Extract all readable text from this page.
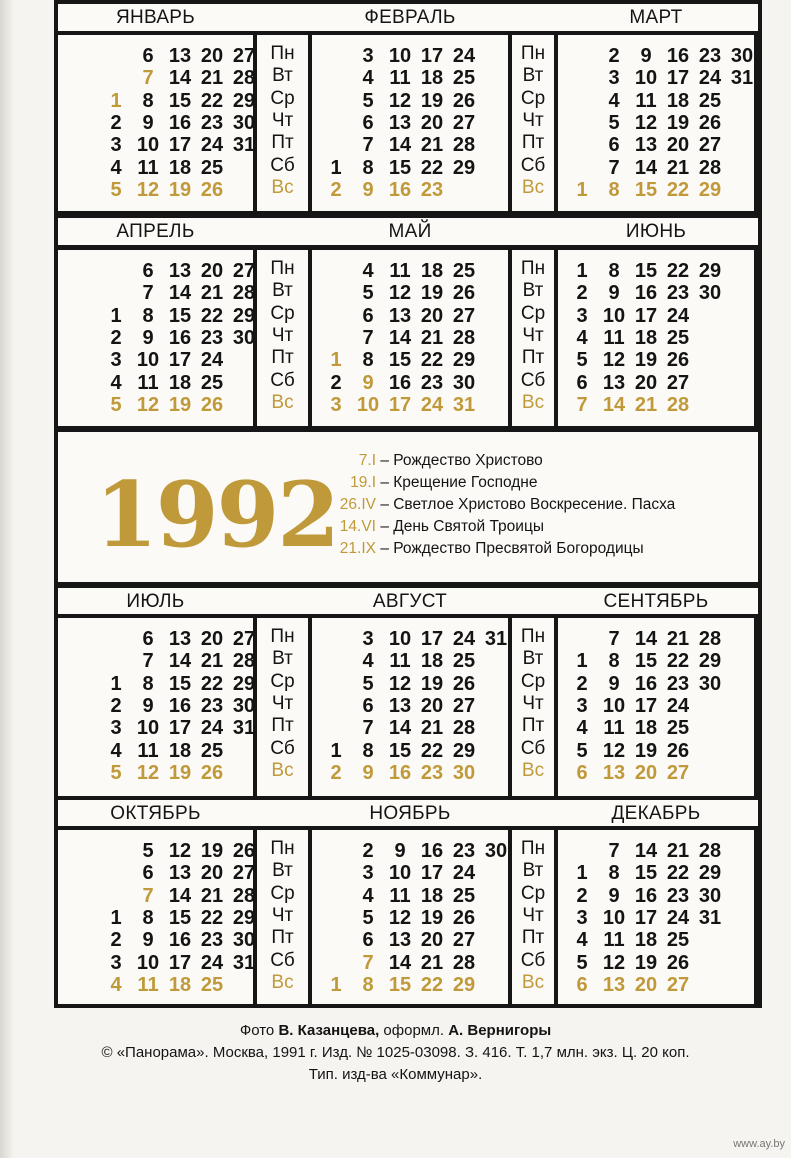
Пн
Вт
Ср
Чт
Пт
Сб
Вс
Пн
Вт
Ср
Чт
Пт
Сб
Вс
ЯНВАРЬ
1
2
3
4
5
6
7
8
9
10
11
12
13
14
15
16
17
18
19
20
21
22
23
24
25
26
27
28
29
30
31
ФЕВРАЛЬ
1
2
3
4
5
6
7
8
9
10
11
12
13
14
15
16
17
18
19
20
21
22
23
24
25
26
27
28
29
МАРТ
1
2
3
4
5
6
7
8
9
10
11
12
13
14
15
16
17
18
19
20
21
22
23
24
25
26
27
28
29
30
31
Пн
Вт
Ср
Чт
Пт
Сб
Вс
Пн
Вт
Ср
Чт
Пт
Сб
Вс
АПРЕЛЬ
1
2
3
4
5
6
7
8
9
10
11
12
13
14
15
16
17
18
19
20
21
22
23
24
25
26
27
28
29
30
МАЙ
1
2
3
4
5
6
7
8
9
10
11
12
13
14
15
16
17
18
19
20
21
22
23
24
25
26
27
28
29
30
31
ИЮНЬ
1
2
3
4
5
6
7
8
9
10
11
12
13
14
15
16
17
18
19
20
21
22
23
24
25
26
27
28
29
30
Пн
Вт
Ср
Чт
Пт
Сб
Вс
Пн
Вт
Ср
Чт
Пт
Сб
Вс
ИЮЛЬ
1
2
3
4
5
6
7
8
9
10
11
12
13
14
15
16
17
18
19
20
21
22
23
24
25
26
27
28
29
30
31
АВГУСТ
1
2
3
4
5
6
7
8
9
10
11
12
13
14
15
16
17
18
19
20
21
22
23
24
25
26
27
28
29
30
31
СЕНТЯБРЬ
1
2
3
4
5
6
7
8
9
10
11
12
13
14
15
16
17
18
19
20
21
22
23
24
25
26
27
28
29
30
Пн
Вт
Ср
Чт
Пт
Сб
Вс
Пн
Вт
Ср
Чт
Пт
Сб
Вс
ОКТЯБРЬ
1
2
3
4
5
6
7
8
9
10
11
12
13
14
15
16
17
18
19
20
21
22
23
24
25
26
27
28
29
30
31
НОЯБРЬ
1
2
3
4
5
6
7
8
9
10
11
12
13
14
15
16
17
18
19
20
21
22
23
24
25
26
27
28
29
30
ДЕКАБРЬ
1
2
3
4
5
6
7
8
9
10
11
12
13
14
15
16
17
18
19
20
21
22
23
24
25
26
27
28
29
30
31
1992
7.I – Рождество Христово
19.I – Крещение Господне
26.IV – Светлое Христово Воскресение. Пасха
14.VI – День Святой Троицы
21.IX – Рождество Пресвятой Богородицы
Фото В. Казанцева, оформл. А. Вернигоры
© «Панорама». Москва, 1991 г. Изд. № 1025-03098. З. 416. Т. 1,7 млн. экз. Ц. 20 коп.
Тип. изд-ва «Коммунар».
www.ay.by
